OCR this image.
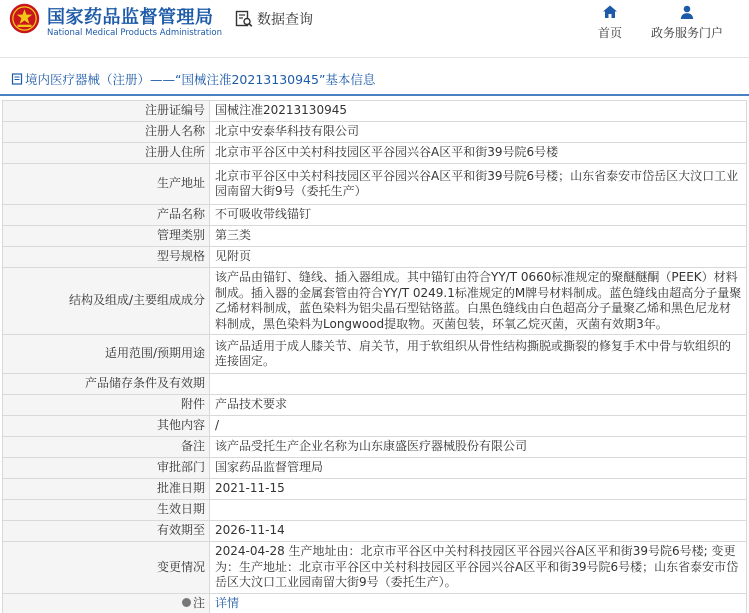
国家药品监督管理局
National Medical Products Administration
数据查询
首页 政务服务门户
境内医疗器械（注册）——“国械注准20213130945”基本信息
注册证编号	国械注准20213130945
注册人名称	北京中安泰华科技有限公司
注册人住所	北京市平谷区中关村科技园区平谷园兴谷A区平和街39号院6号楼
生产地址	北京市平谷区中关村科技园区平谷园兴谷A区平和街39号院6号楼；山东省泰安市岱岳区大汶口工业园南留大街9号（委托生产）
产品名称	不可吸收带线锚钉
管理类别	第三类
型号规格	见附页
结构及组成/主要组成成分	该产品由锚钉、缝线、插入器组成。其中锚钉由符合YY/T 0660标准规定的聚醚醚酮（PEEK）材料制成。插入器的金属套管由符合YY/T 0249.1标准规定的M牌号材料制成。蓝色缝线由超高分子量聚乙烯材料制成，蓝色染料为铝尖晶石型钴铬蓝。白黑色缝线由白色超高分子量聚乙烯和黑色尼龙材料制成，黑色染料为Longwood提取物。灭菌包装，环氧乙烷灭菌，灭菌有效期3年。
适用范围/预期用途	该产品适用于成人膝关节、肩关节，用于软组织从骨性结构撕脱或撕裂的修复手术中骨与软组织的连接固定。
产品储存条件及有效期	
附件	产品技术要求
其他内容	/
备注	该产品受托生产企业名称为山东康盛医疗器械股份有限公司
审批部门	国家药品监督管理局
批准日期	2021-11-15
生效日期	
有效期至	2026-11-14
变更情况	2024-04-28 生产地址由：北京市平谷区中关村科技园区平谷园兴谷A区平和街39号院6号楼; 变更为：生产地址：北京市平谷区中关村科技园区平谷园兴谷A区平和街39号院6号楼；山东省泰安市岱岳区大汶口工业园南留大街9号（委托生产）。
注	详情
